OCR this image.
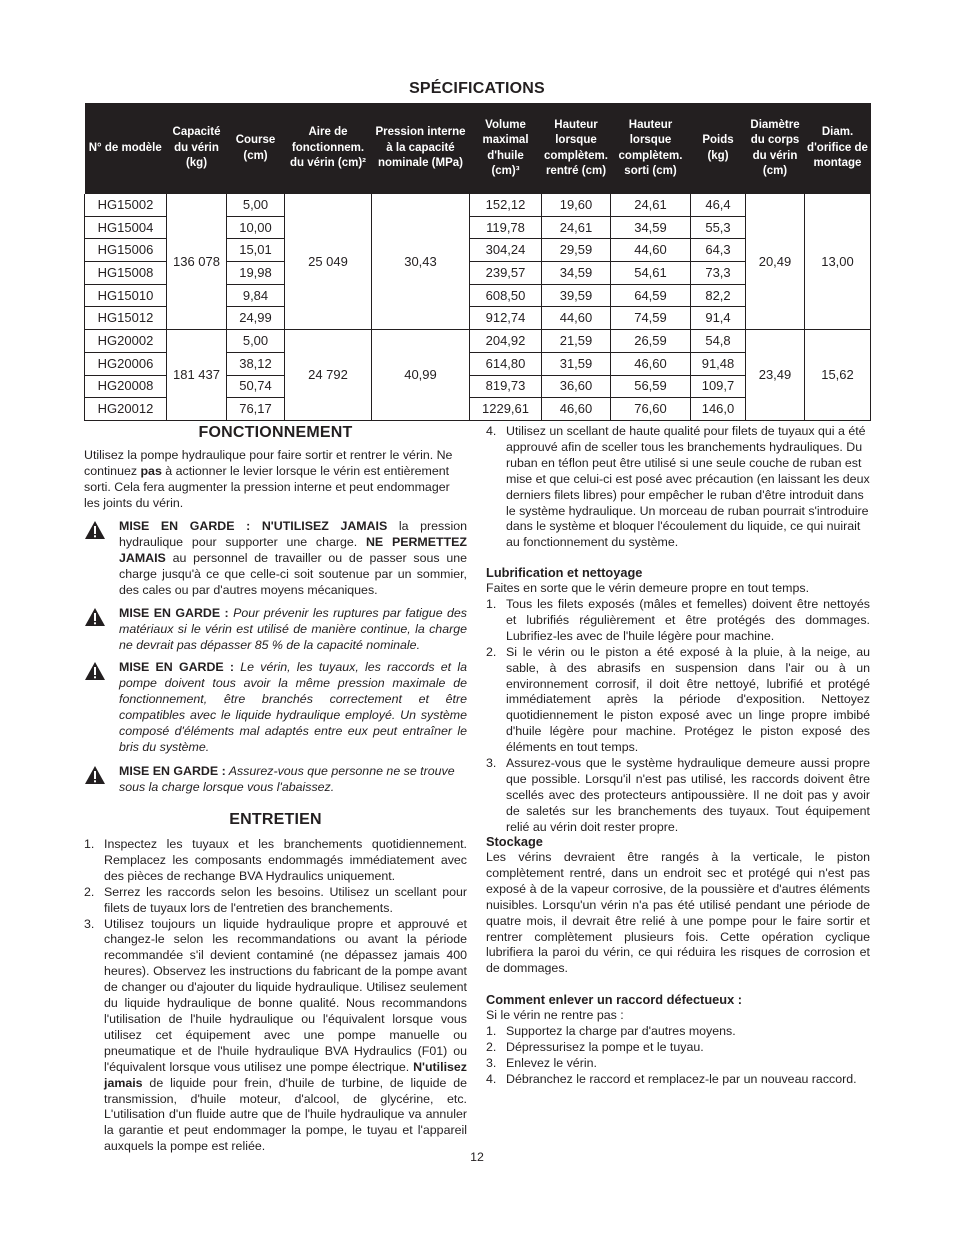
SPÉCIFICATIONS
N° de modèle	Capacité du vérin (kg)	Course (cm)	Aire de fonctionnem. du vérin (cm)²	Pression interne à la capacité nominale (MPa)	Volume maximal d'huile (cm)³	Hauteur lorsque complètem. rentré (cm)	Hauteur lorsque complètem. sorti (cm)	Poids (kg)	Diamètre du corps du vérin (cm)	Diam. d'orifice de montage
HG15002	136 078	5,00	25 049	30,43	152,12	19,60	24,61	46,4	20,49	13,00
HG15004		10,00			119,78	24,61	34,59	55,3		
HG15006		15,01			304,24	29,59	44,60	64,3		
HG15008		19,98			239,57	34,59	54,61	73,3		
HG15010		9,84			608,50	39,59	64,59	82,2		
HG15012		24,99			912,74	44,60	74,59	91,4		
HG20002	181 437	5,00	24 792	40,99	204,92	21,59	26,59	54,8	23,49	15,62
HG20006		38,12			614,80	31,59	46,60	91,48		
HG20008		50,74			819,73	36,60	56,59	109,7		
HG20012		76,17			1229,61	46,60	76,60	146,0		
FONCTIONNEMENT
Utilisez la pompe hydraulique pour faire sortir et rentrer le vérin. Ne continuez pas à actionner le levier lorsque le vérin est entièrement sorti. Cela fera augmenter la pression interne et peut endommager les joints du vérin.
MISE EN GARDE : N'UTILISEZ JAMAIS la pression hydraulique pour supporter une charge. NE PERMETTEZ JAMAIS au personnel de travailler ou de passer sous une charge jusqu'à ce que celle-ci soit soutenue par un sommier, des cales ou par d'autres moyens mécaniques.
MISE EN GARDE : Pour prévenir les ruptures par fatigue des matériaux si le vérin est utilisé de manière continue, la charge ne devrait pas dépasser 85 % de la capacité nominale.
MISE EN GARDE : Le vérin, les tuyaux, les raccords et la pompe doivent tous avoir la même pression maximale de fonctionnement, être branchés correctement et être compatibles avec le liquide hydraulique employé. Un système composé d'éléments mal adaptés entre eux peut entraîner le bris du système.
MISE EN GARDE : Assurez-vous que personne ne se trouve sous la charge lorsque vous l'abaissez.
ENTRETIEN
1. Inspectez les tuyaux et les branchements quotidiennement. Remplacez les composants endommagés immédiatement avec des pièces de rechange BVA Hydraulics uniquement.
2. Serrez les raccords selon les besoins. Utilisez un scellant pour filets de tuyaux lors de l'entretien des branchements.
3. Utilisez toujours un liquide hydraulique propre et approuvé et changez-le selon les recommandations ou avant la période recommandée s'il devient contaminé (ne dépassez jamais 400 heures). Observez les instructions du fabricant de la pompe avant de changer ou d'ajouter du liquide hydraulique. Utilisez seulement du liquide hydraulique de bonne qualité. Nous recommandons l'utilisation de l'huile hydraulique ou l'équivalent lorsque vous utilisez cet équipement avec une pompe manuelle ou pneumatique et de l'huile hydraulique BVA Hydraulics (F01) ou l'équivalent lorsque vous utilisez une pompe électrique. N'utilisez jamais de liquide pour frein, d'huile de turbine, de liquide de transmission, d'huile moteur, d'alcool, de glycérine, etc. L'utilisation d'un fluide autre que de l'huile hydraulique va annuler la garantie et peut endommager la pompe, le tuyau et l'appareil auxquels la pompe est reliée.
4. Utilisez un scellant de haute qualité pour filets de tuyaux qui a été approuvé afin de sceller tous les branchements hydrauliques. Du ruban en téflon peut être utilisé si une seule couche de ruban est mise et que celui-ci est posé avec précaution (en laissant les deux derniers filets libres) pour empêcher le ruban d'être introduit dans le système hydraulique. Un morceau de ruban pourrait s'introduire dans le système et bloquer l'écoulement du liquide, ce qui nuirait au fonctionnement du système.
Lubrification et nettoyage
Faites en sorte que le vérin demeure propre en tout temps.
1. Tous les filets exposés (mâles et femelles) doivent être nettoyés et lubrifiés régulièrement et être protégés des dommages. Lubrifiez-les avec de l'huile légère pour machine.
2. Si le vérin ou le piston a été exposé à la pluie, à la neige, au sable, à des abrasifs en suspension dans l'air ou à un environnement corrosif, il doit être nettoyé, lubrifié et protégé immédiatement après la période d'exposition. Nettoyez quotidiennement le piston exposé avec un linge propre imbibé d'huile légère pour machine. Protégez le piston exposé des éléments en tout temps.
3. Assurez-vous que le système hydraulique demeure aussi propre que possible. Lorsqu'il n'est pas utilisé, les raccords doivent être scellés avec des protecteurs antipoussière. Il ne doit pas y avoir de saletés sur les branchements des tuyaux. Tout équipement relié au vérin doit rester propre.
Stockage
Les vérins devraient être rangés à la verticale, le piston complètement rentré, dans un endroit sec et protégé qui n'est pas exposé à de la vapeur corrosive, de la poussière et d'autres éléments nuisibles. Lorsqu'un vérin n'a pas été utilisé pendant une période de quatre mois, il devrait être relié à une pompe pour le faire sortir et rentrer complètement plusieurs fois. Cette opération cyclique lubrifiera la paroi du vérin, ce qui réduira les risques de corrosion et de dommages.
Comment enlever un raccord défectueux :
Si le vérin ne rentre pas :
1. Supportez la charge par d'autres moyens.
2. Dépressurisez la pompe et le tuyau.
3. Enlevez le vérin.
4. Débranchez le raccord et remplacez-le par un nouveau raccord.
12
